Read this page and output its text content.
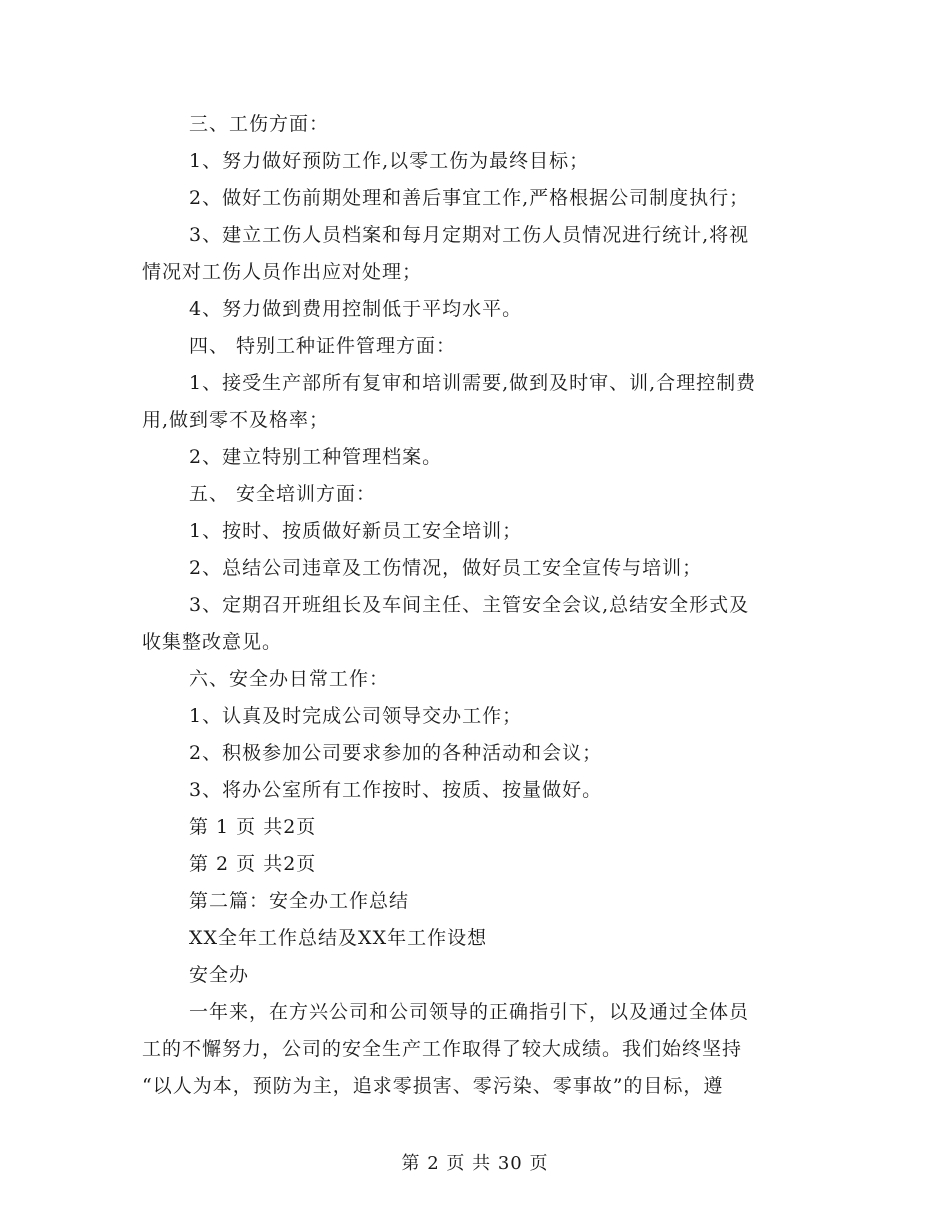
三、工伤方面：
1、努力做好预防工作,以零工伤为最终目标；
2、做好工伤前期处理和善后事宜工作,严格根据公司制度执行；
3、建立工伤人员档案和每月定期对工伤人员情况进行统计,将视
情况对工伤人员作出应对处理；
4、努力做到费用控制低于平均水平。
四、 特别工种证件管理方面：
1、接受生产部所有复审和培训需要,做到及时审、训,合理控制费
用,做到零不及格率；
2、建立特别工种管理档案。
五、 安全培训方面：
1、按时、按质做好新员工安全培训；
2、总结公司违章及工伤情况，做好员工安全宣传与培训；
3、定期召开班组长及车间主任、主管安全会议,总结安全形式及
收集整改意见。
六、安全办日常工作：
1、认真及时完成公司领导交办工作；
2、积极参加公司要求参加的各种活动和会议；
3、将办公室所有工作按时、按质、按量做好。
第 1 页 共2页
第 2 页 共2页
第二篇：安全办工作总结
XX全年工作总结及XX年工作设想
安全办
一年来，在方兴公司和公司领导的正确指引下，以及通过全体员
工的不懈努力，公司的安全生产工作取得了较大成绩。我们始终坚持
“以人为本，预防为主，追求零损害、零污染、零事故”的目标，遵
第 2 页 共 30 页
